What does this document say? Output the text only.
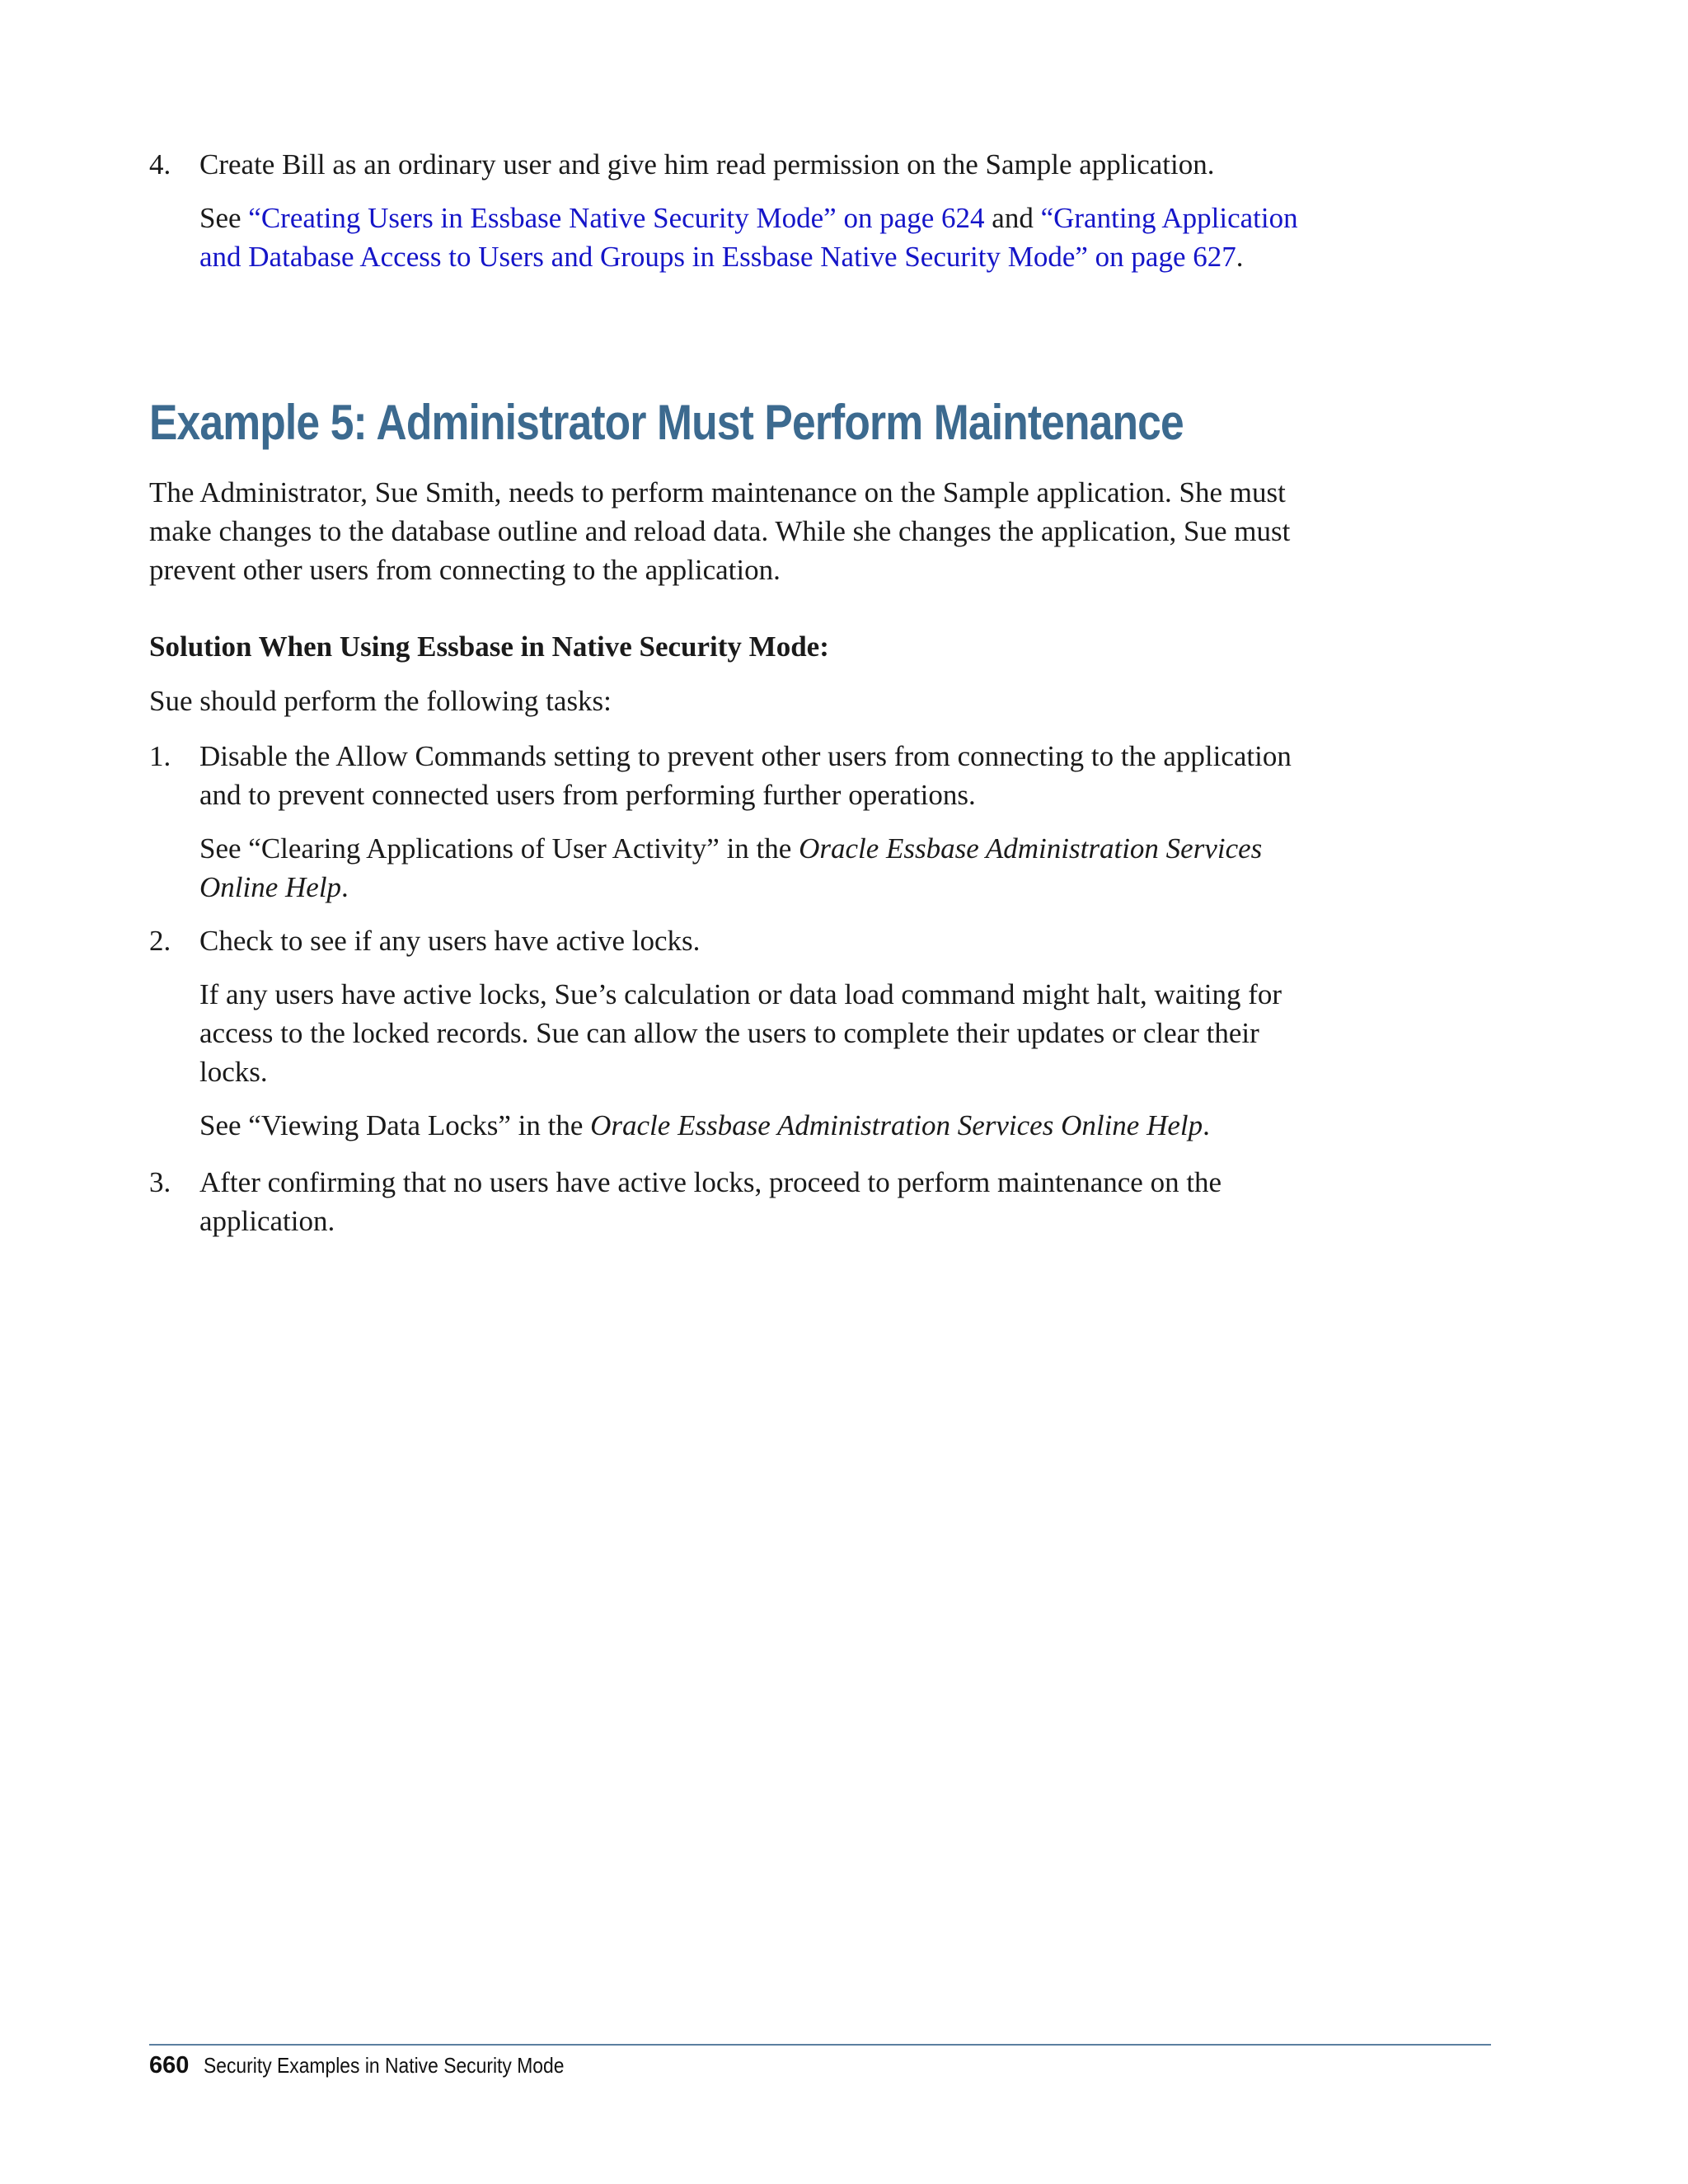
4. Create Bill as an ordinary user and give him read permission on the Sample application.

See “Creating Users in Essbase Native Security Mode” on page 624 and “Granting Application and Database Access to Users and Groups in Essbase Native Security Mode” on page 627.

Example 5: Administrator Must Perform Maintenance

The Administrator, Sue Smith, needs to perform maintenance on the Sample application. She must make changes to the database outline and reload data. While she changes the application, Sue must prevent other users from connecting to the application.

Solution When Using Essbase in Native Security Mode:

Sue should perform the following tasks:

1. Disable the Allow Commands setting to prevent other users from connecting to the application and to prevent connected users from performing further operations.

See “Clearing Applications of User Activity” in the Oracle Essbase Administration Services Online Help.

2. Check to see if any users have active locks.

If any users have active locks, Sue’s calculation or data load command might halt, waiting for access to the locked records. Sue can allow the users to complete their updates or clear their locks.

See “Viewing Data Locks” in the Oracle Essbase Administration Services Online Help.

3. After confirming that no users have active locks, proceed to perform maintenance on the application.

660 Security Examples in Native Security Mode
